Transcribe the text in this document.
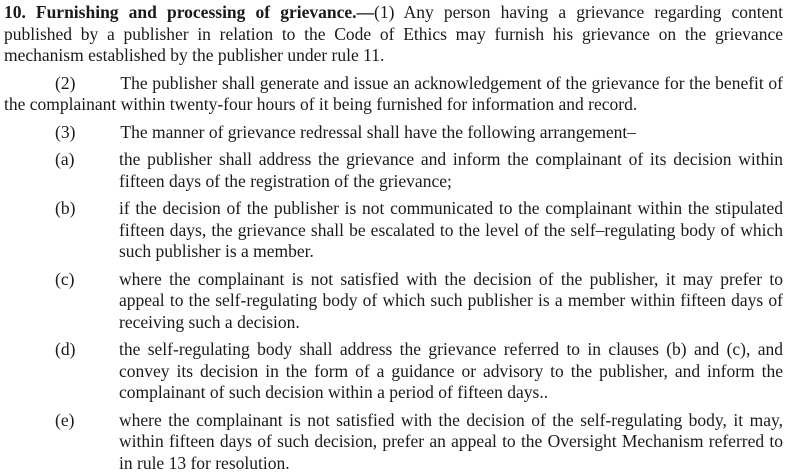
10. Furnishing and processing of grievance.—(1) Any person having a grievance regarding content published by a publisher in relation to the Code of Ethics may furnish his grievance on the grievance mechanism established by the publisher under rule 11.

(2)	The publisher shall generate and issue an acknowledgement of the grievance for the benefit of the complainant within twenty-four hours of it being furnished for information and record.

(3)	The manner of grievance redressal shall have the following arrangement–

(a)	the publisher shall address the grievance and inform the complainant of its decision within fifteen days of the registration of the grievance;
(b) if the decision of the publisher is not communicated to the complainant within the stipulated fifteen days, the grievance shall be escalated to the level of the self–regulating body of which such publisher is a member.
(c)	where the complainant is not satisfied with the decision of the publisher, it may prefer to appeal to the self-regulating body of which such publisher is a member within fifteen days of receiving such a decision.
(d) the self-regulating body shall address the grievance referred to in clauses (b) and (c), and convey its decision in the form of a guidance or advisory to the publisher, and inform the complainant of such decision within a period of fifteen days..
(e)	where the complainant is not satisfied with the decision of the self-regulating body, it may, within fifteen days of such decision, prefer an appeal to the Oversight Mechanism referred to in rule 13 for resolution.
